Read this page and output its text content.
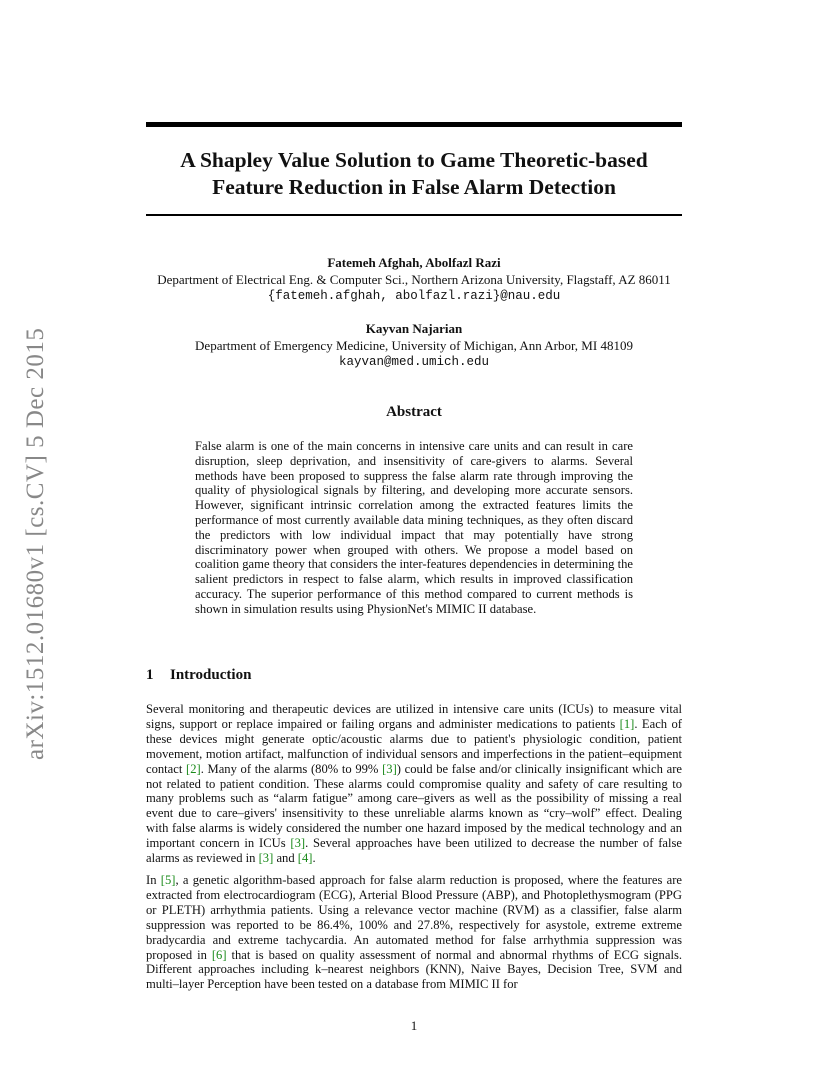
arXiv:1512.01680v1 [cs.CV] 5 Dec 2015
A Shapley Value Solution to Game Theoretic-based
Feature Reduction in False Alarm Detection
Fatemeh Afghah, Abolfazl Razi
Department of Electrical Eng. & Computer Sci., Northern Arizona University, Flagstaff, AZ 86011
{fatemeh.afghah, abolfazl.razi}@nau.edu
Kayvan Najarian
Department of Emergency Medicine, University of Michigan, Ann Arbor, MI 48109
kayvan@med.umich.edu
Abstract
False alarm is one of the main concerns in intensive care units and can result in care disruption, sleep deprivation, and insensitivity of care-givers to alarms. Several methods have been proposed to suppress the false alarm rate through improving the quality of physiological signals by filtering, and developing more accurate sensors. However, significant intrinsic correlation among the extracted features limits the performance of most currently available data mining techniques, as they often discard the predictors with low individual impact that may potentially have strong discriminatory power when grouped with others. We propose a model based on coalition game theory that considers the inter-features dependencies in determining the salient predictors in respect to false alarm, which results in improved classification accuracy. The superior performance of this method compared to current methods is shown in simulation results using PhysionNet's MIMIC II database.
1 Introduction
Several monitoring and therapeutic devices are utilized in intensive care units (ICUs) to measure vital signs, support or replace impaired or failing organs and administer medications to patients [1]. Each of these devices might generate optic/acoustic alarms due to patient's physiologic condition, patient movement, motion artifact, malfunction of individual sensors and imperfections in the patient–equipment contact [2]. Many of the alarms (80% to 99% [3]) could be false and/or clinically insignificant which are not related to patient condition. These alarms could compromise quality and safety of care resulting to many problems such as “alarm fatigue” among care–givers as well as the possibility of missing a real event due to care–givers' insensitivity to these unreliable alarms known as “cry–wolf” effect. Dealing with false alarms is widely considered the number one hazard imposed by the medical technology and an important concern in ICUs [3]. Several approaches have been utilized to decrease the number of false alarms as reviewed in [3] and [4].
In [5], a genetic algorithm-based approach for false alarm reduction is proposed, where the features are extracted from electrocardiogram (ECG), Arterial Blood Pressure (ABP), and Photoplethysmogram (PPG or PLETH) arrhythmia patients. Using a relevance vector machine (RVM) as a classifier, false alarm suppression was reported to be 86.4%, 100% and 27.8%, respectively for asystole, extreme extreme bradycardia and extreme tachycardia. An automated method for false arrhythmia suppression was proposed in [6] that is based on quality assessment of normal and abnormal rhythms of ECG signals. Different approaches including k–nearest neighbors (KNN), Naive Bayes, Decision Tree, SVM and multi–layer Perception have been tested on a database from MIMIC II for
1
